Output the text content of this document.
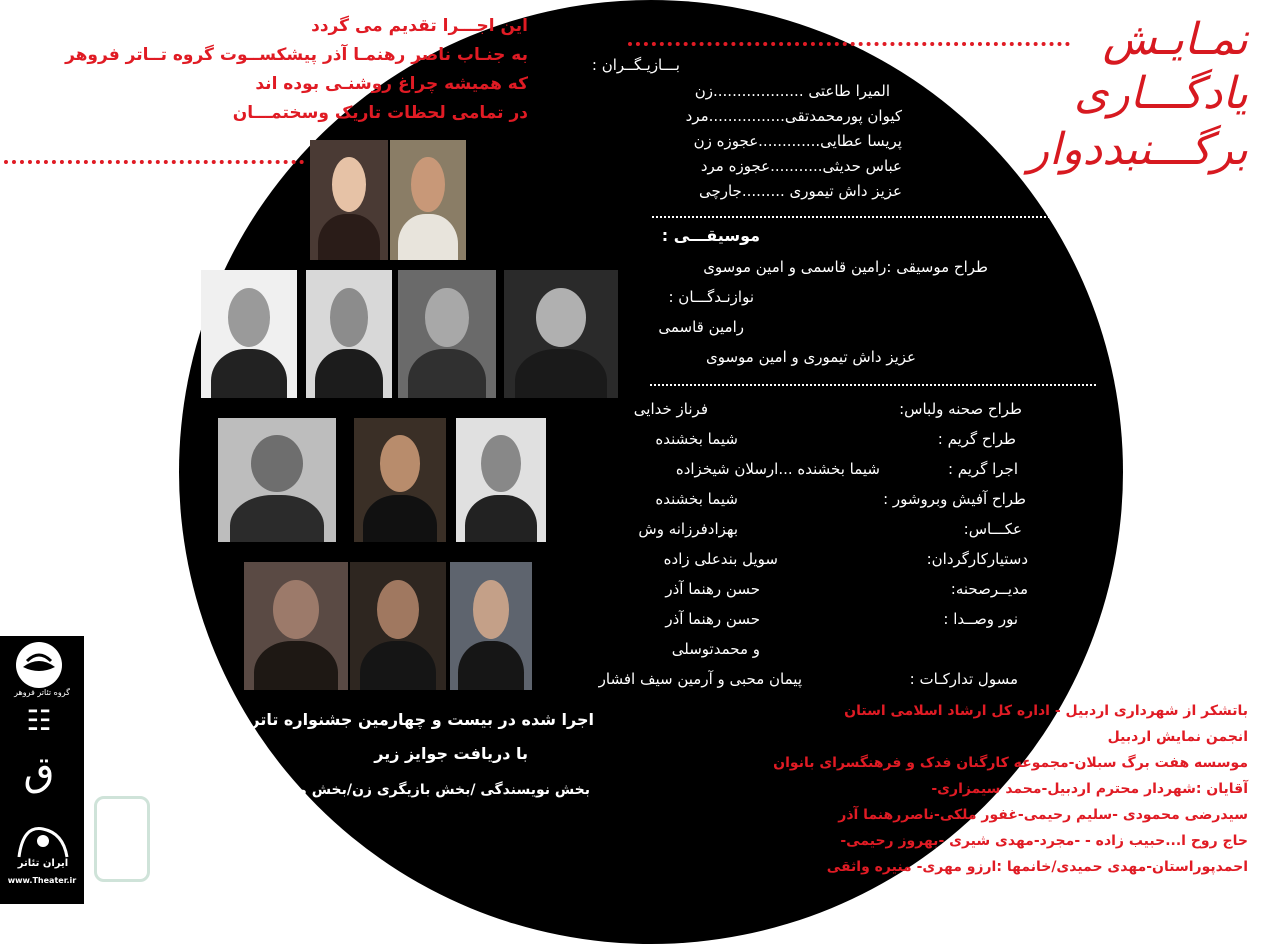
این اجـــرا تقدیم می گردد
به جنـاب ناصر رهنمـا آذر پیشکســوت گروه تــاتر فروهر
که همیشه چراغ روشنـی بوده اند
در تمامی لحظات تاریک وسختمـــان
نمـایـش
یادگـــاری
برگـــنبددوار
بـــازیـگــران :
المیرا طاعتی ...................زن
کیوان پورمحمدتقی................مرد
پریسا عطایی.............عجوزه زن
عباس حدیثی...........عجوزه مرد
عزیز داش تیموری .........جارچی
موسیقـــی :
طراح موسیقی :رامین قاسمی و امین موسوی
نوازنـدگـــان :
رامین قاسمی
عزیز داش تیموری و امین موسوی
طراح صحنه ولباس:
طراح گریم :
اجرا گریم :
طراح آفیش وبروشور :
عکـــاس:
دستیارکارگردان:
مدیــرصحنه:
نور وصــدا :
مسول تدارکـات :
فرناز خدایی
شیما بخشنده
شیما بخشنده ...ارسلان شیخزاده
شیما بخشنده
بهزادفرزانه وش
سویل بندعلی زاده
حسن رهنما آذر
حسن رهنما آذر
و محمدتوسلی
پیمان محبی و آرمین سیف افشار
اجرا شده در بیست و چهارمین جشنواره تاتر استان اردبیل
با دریافت جوایز زیر
بخش نویسندگی /بخش بازیگری زن/بخش موسیقی/بخش کارگردانی
باتشکر از شهرداری اردبیل - اداره کل ارشاد اسلامی استان
انجمن نمایش اردبیل
موسسه هفت برگ سبلان-مجموعه کارگنان فدک و فرهنگسرای بانوان
آقایان :شهردار محترم اردبیل-محمد سیمزاری-
سیدرضی محمودی -سلیم رحیمی-غفور ملکی-ناصررهنما آذر
حاج روح ا...حبیب زاده - -مجرد-مهدی شیری -بهروز رحیمی-
احمدپوراستان-مهدی حمیدی/خانمها :ارزو مهری- منیره واثقی
گروه تئاتر فروهر
☷
ق
ایران تئاتر
www.Theater.ir
